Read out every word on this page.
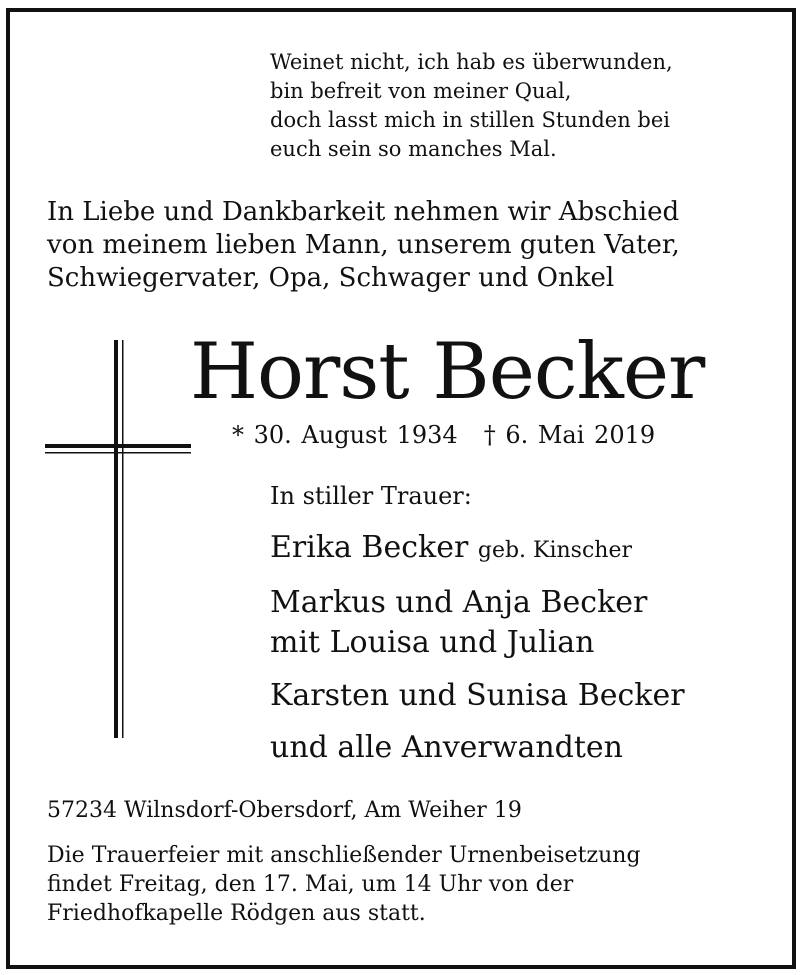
Weinet nicht, ich hab es überwunden,
bin befreit von meiner Qual,
doch lasst mich in stillen Stunden bei
euch sein so manches Mal.
In Liebe und Dankbarkeit nehmen wir Abschied
von meinem lieben Mann, unserem guten Vater,
Schwiegervater, Opa, Schwager und Onkel
Horst Becker
* 30. August 1934 † 6. Mai 2019
In stiller Trauer:
Erika Becker geb. Kinscher
Markus und Anja Becker
mit Louisa und Julian
Karsten und Sunisa Becker
und alle Anverwandten
57234 Wilnsdorf-Obersdorf, Am Weiher 19
Die Trauerfeier mit anschließender Urnenbeisetzung
findet Freitag, den 17. Mai, um 14 Uhr von der
Friedhofkapelle Rödgen aus statt.
